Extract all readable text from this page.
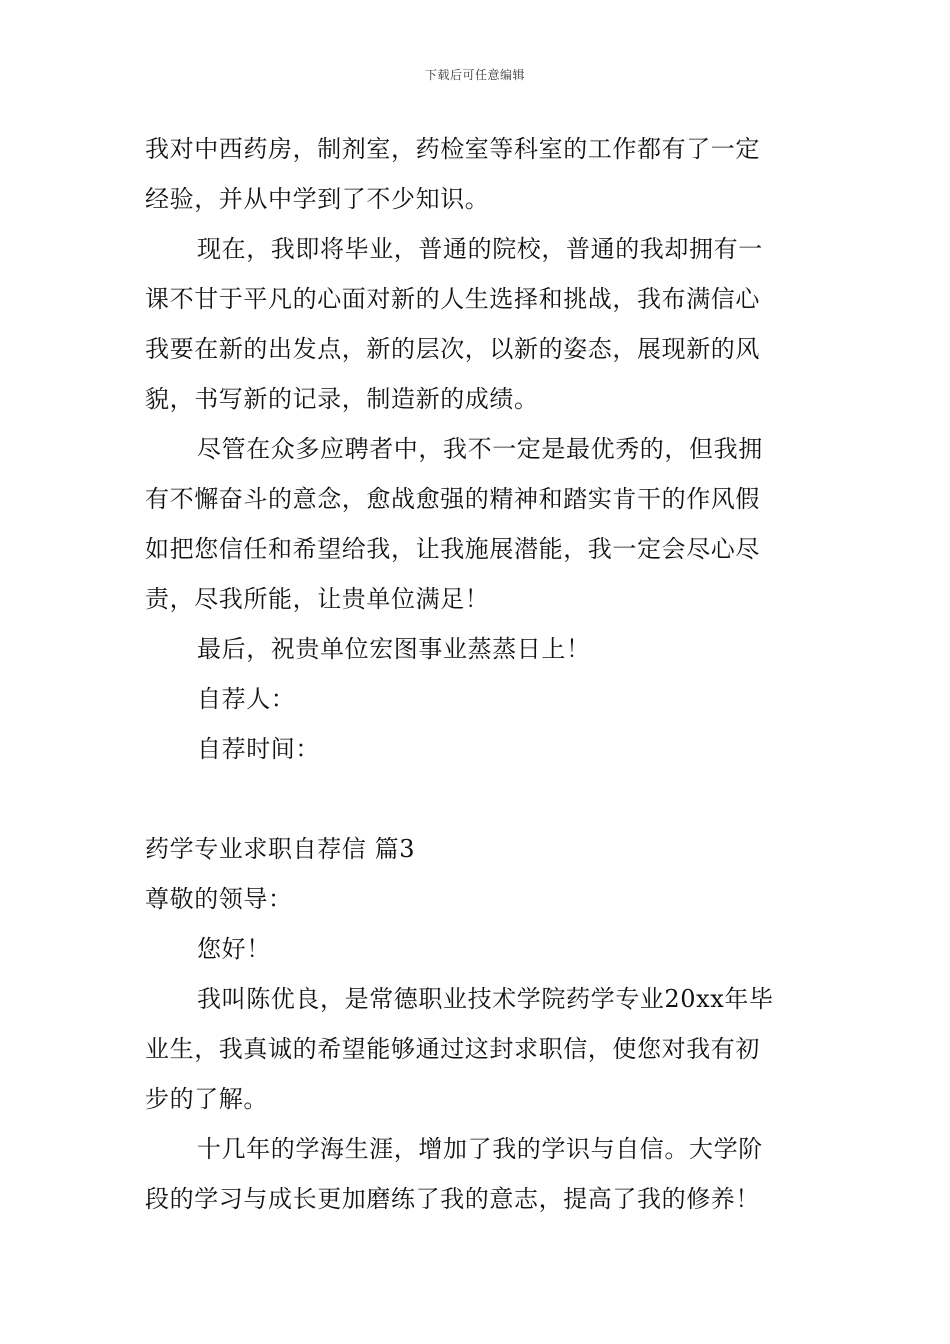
下载后可任意编辑
我对中西药房，制剂室，药检室等科室的工作都有了一定
经验，并从中学到了不少知识。
现在，我即将毕业，普通的院校，普通的我却拥有一
课不甘于平凡的心面对新的人生选择和挑战，我布满信心
我要在新的出发点，新的层次，以新的姿态，展现新的风
貌，书写新的记录，制造新的成绩。
尽管在众多应聘者中，我不一定是最优秀的，但我拥
有不懈奋斗的意念，愈战愈强的精神和踏实肯干的作风假
如把您信任和希望给我，让我施展潜能，我一定会尽心尽
责，尽我所能，让贵单位满足！
最后，祝贵单位宏图事业蒸蒸日上！
自荐人：
自荐时间：
药学专业求职自荐信 篇3
尊敬的领导：
您好！
我叫陈优良，是常德职业技术学院药学专业20xx年毕
业生，我真诚的希望能够通过这封求职信，使您对我有初
步的了解。
十几年的学海生涯，增加了我的学识与自信。大学阶
段的学习与成长更加磨练了我的意志，提高了我的修养！
